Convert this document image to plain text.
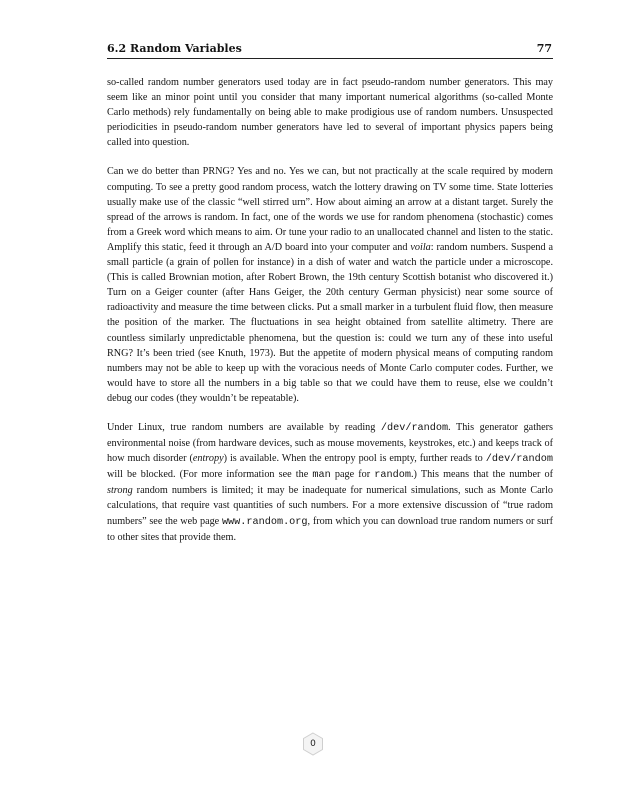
6.2 Random Variables	77

so-called random number generators used today are in fact pseudo-random number generators. This may seem like an minor point until you consider that many important numerical algorithms (so-called Monte Carlo methods) rely fundamentally on being able to make prodigious use of random numbers. Unsuspected periodicities in pseudo-random number generators have led to several of important physics papers being called into question.

Can we do better than PRNG? Yes and no. Yes we can, but not practically at the scale required by modern computing. To see a pretty good random process, watch the lottery drawing on TV some time. State lotteries usually make use of the classic “well stirred urn”. How about aiming an arrow at a distant target. Surely the spread of the arrows is random. In fact, one of the words we use for random phenomena (stochastic) comes from a Greek word which means to aim. Or tune your radio to an unallocated channel and listen to the static. Amplify this static, feed it through an A/D board into your computer and voila: random numbers. Suspend a small particle (a grain of pollen for instance) in a dish of water and watch the particle under a microscope. (This is called Brownian motion, after Robert Brown, the 19th century Scottish botanist who discovered it.) Turn on a Geiger counter (after Hans Geiger, the 20th century German physicist) near some source of radioactivity and measure the time between clicks. Put a small marker in a turbulent fluid flow, then measure the position of the marker. The fluctuations in sea height obtained from satellite altimetry. There are countless similarly unpredictable phenomena, but the question is: could we turn any of these into useful RNG? It’s been tried (see Knuth, 1973). But the appetite of modern physical means of computing random numbers may not be able to keep up with the voracious needs of Monte Carlo computer codes. Further, we would have to store all the numbers in a big table so that we could have them to reuse, else we couldn’t debug our codes (they wouldn’t be repeatable).

Under Linux, true random numbers are available by reading /dev/random. This generator gathers environmental noise (from hardware devices, such as mouse movements, keystrokes, etc.) and keeps track of how much disorder (entropy) is available. When the entropy pool is empty, further reads to /dev/random will be blocked. (For more information see the man page for random.) This means that the number of strong random numbers is limited; it may be inadequate for numerical simulations, such as Monte Carlo calculations, that require vast quantities of such numbers. For a more extensive discussion of “true radom numbers” see the web page www.random.org, from which you can download true random numers or surf to other sites that provide them.

0
